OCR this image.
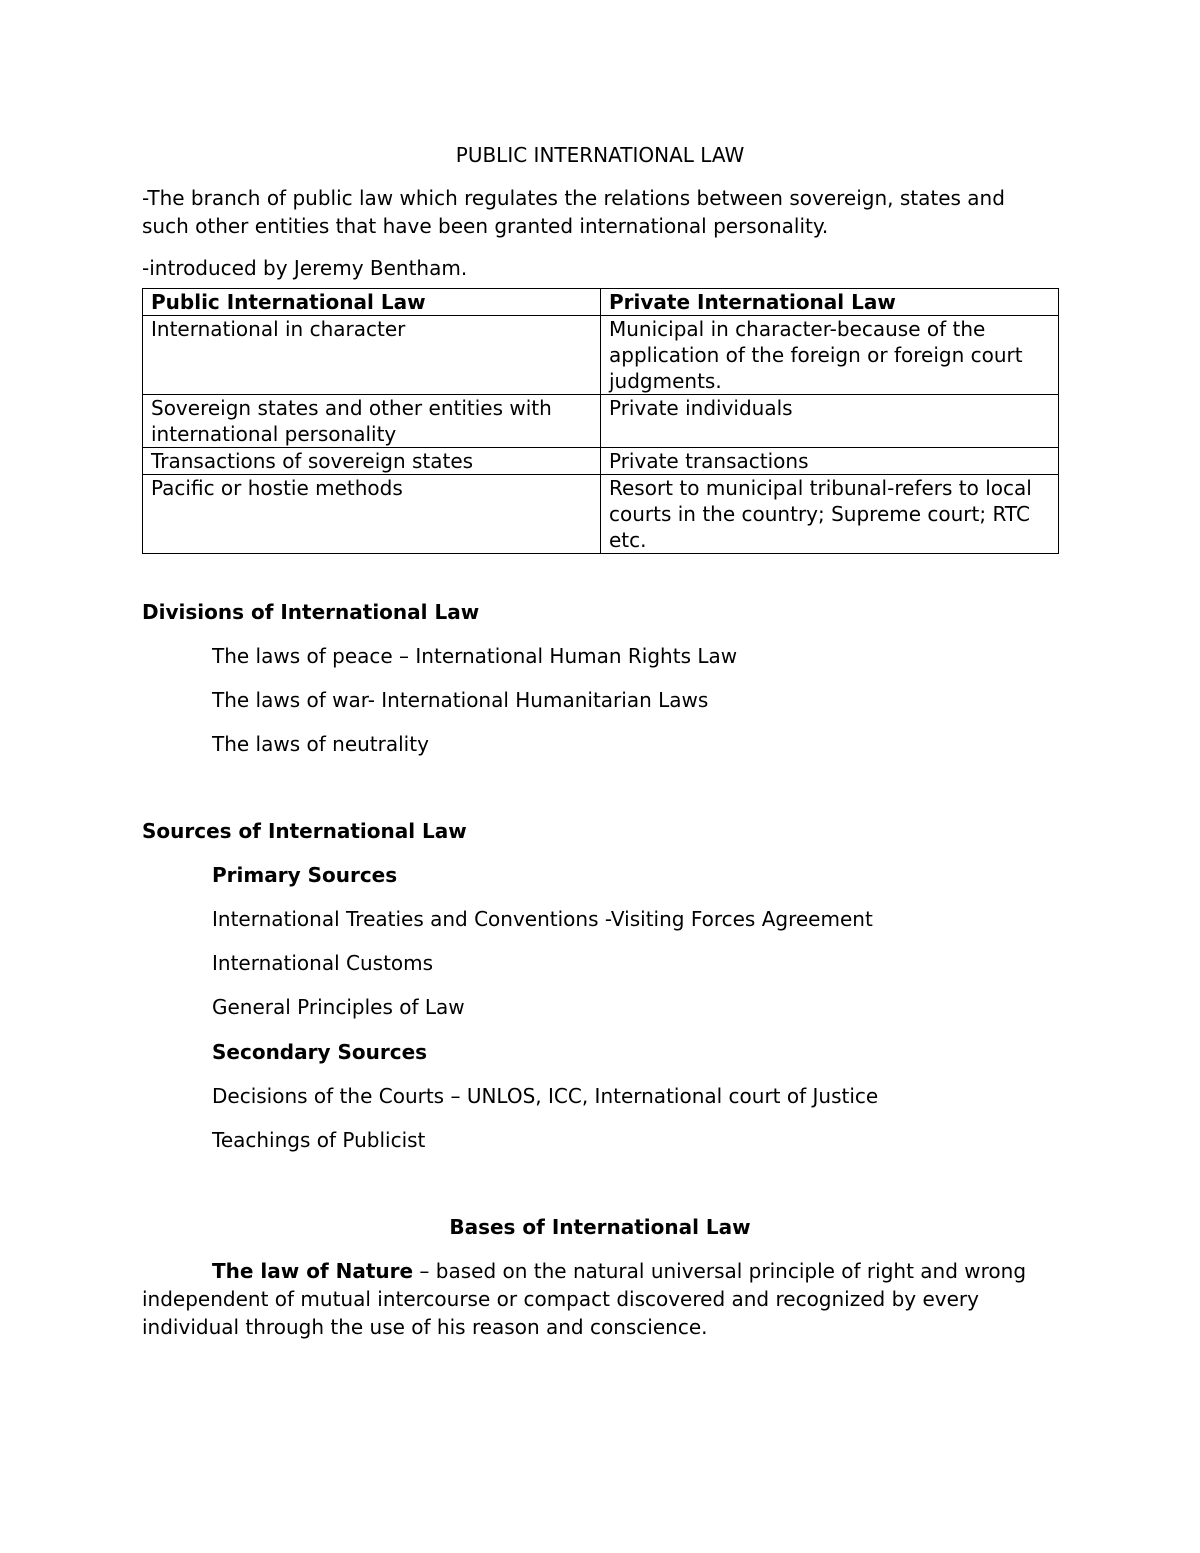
PUBLIC INTERNATIONAL LAW

-The branch of public law which regulates the relations between sovereign, states and such other entities that have been granted international personality.

-introduced by Jeremy Bentham.

Public International Law	Private International Law
International in character	Municipal in character-because of the application of the foreign or foreign court judgments.
Sovereign states and other entities with international personality	Private individuals
Transactions of sovereign states	Private transactions
Pacific or hostie methods	Resort to municipal tribunal-refers to local courts in the country; Supreme court; RTC etc.

Divisions of International Law

The laws of peace – International Human Rights Law

The laws of war- International Humanitarian Laws

The laws of neutrality

Sources of International Law

Primary Sources

International Treaties and Conventions -Visiting Forces Agreement

International Customs

General Principles of Law

Secondary Sources

Decisions of the Courts – UNLOS, ICC, International court of Justice

Teachings of Publicist

Bases of International Law

The law of Nature – based on the natural universal principle of right and wrong independent of mutual intercourse or compact discovered and recognized by every individual through the use of his reason and conscience.
